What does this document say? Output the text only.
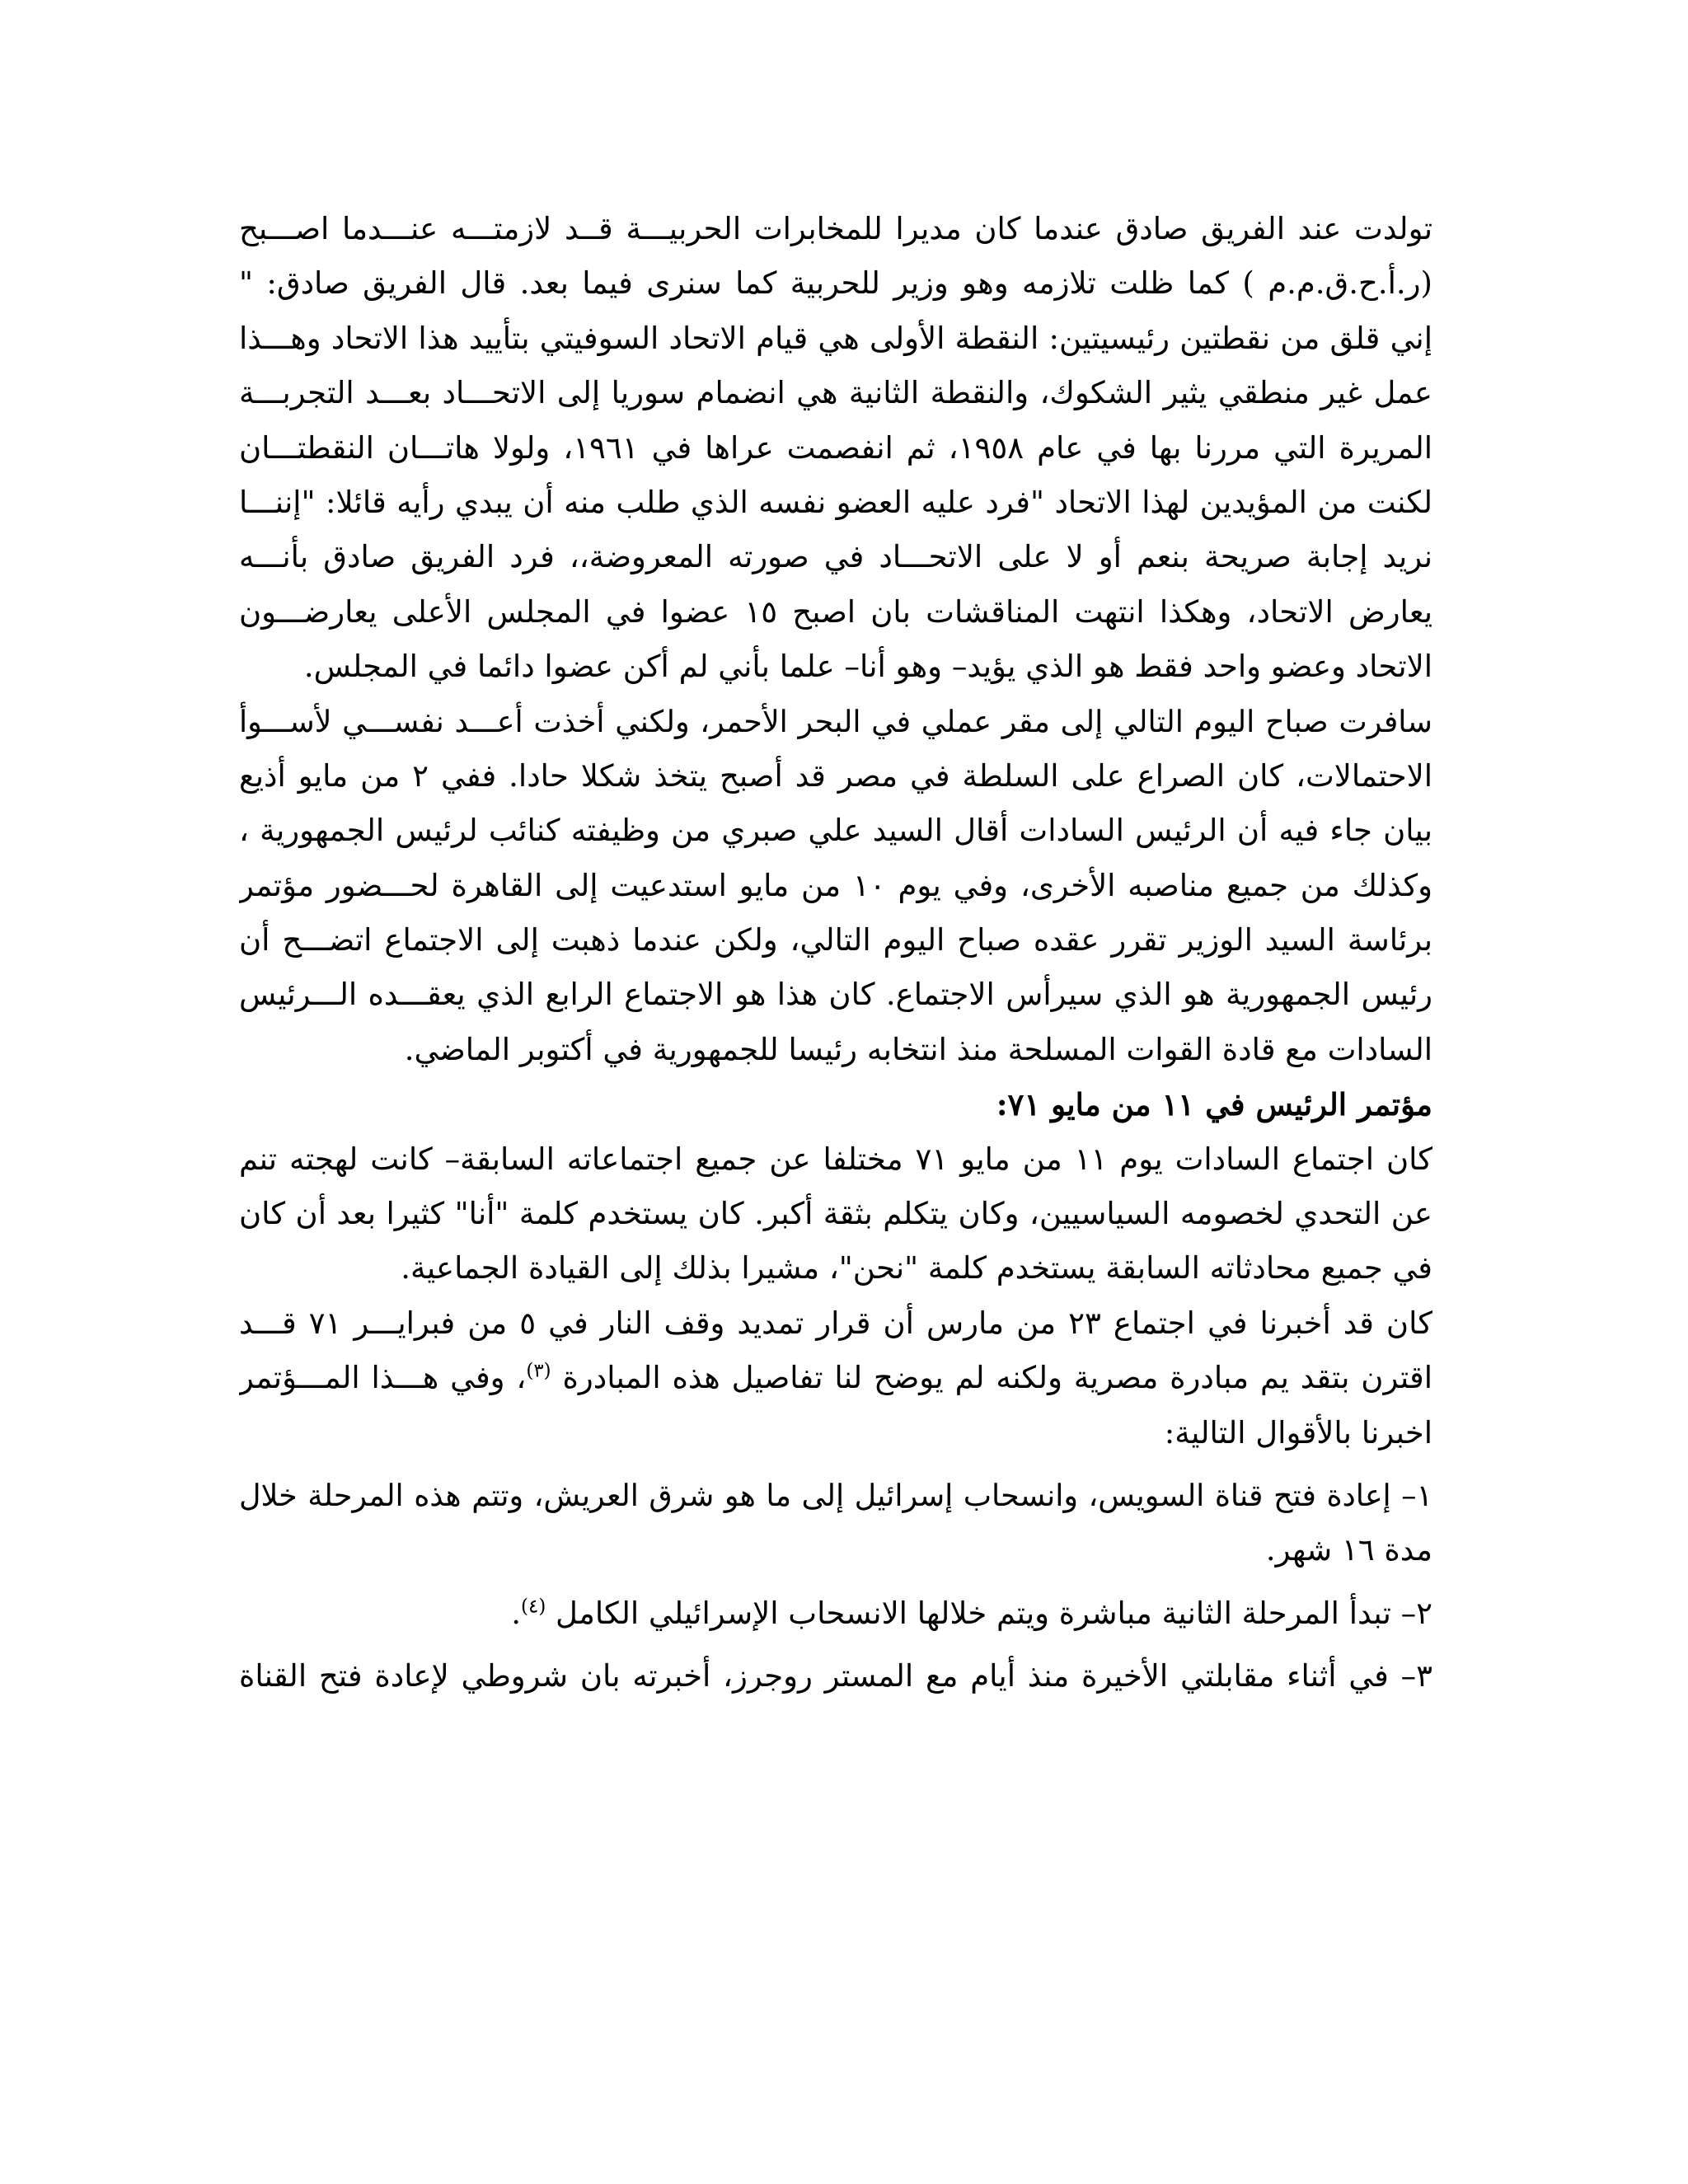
تولدت عند الفريق صادق عندما كان مديرا للمخابرات الحربيـــة قــد لازمتـــه عنـــدما اصـــبح
(ر.أ.ح.ق.م.م ) كما ظلت تلازمه وهو وزير للحربية كما سنرى فيما بعد. قال الفريق صادق: "
إني قلق من نقطتين رئيسيتين: النقطة الأولى هي قيام الاتحاد السوفيتي بتأييد هذا الاتحاد وهـــذا
عمل غير منطقي يثير الشكوك، والنقطة الثانية هي انضمام سوريا إلى الاتحـــاد بعـــد التجربـــة
المريرة التي مررنا بها في عام ١٩٥٨، ثم انفصمت عراها في ١٩٦١، ولولا هاتـــان النقطتـــان
لكنت من المؤيدين لهذا الاتحاد "فرد عليه العضو نفسه الذي طلب منه أن يبدي رأيه قائلا: "إننـــا
نريد إجابة صريحة بنعم أو لا على الاتحـــاد في صورته المعروضة،، فرد الفريق صادق بأنـــه
يعارض الاتحاد، وهكذا انتهت المناقشات بان اصبح ١٥ عضوا في المجلس الأعلى يعارضـــون
الاتحاد وعضو واحد فقط هو الذي يؤيد– وهو أنا– علما بأني لم أكن عضوا دائما في المجلس.
سافرت صباح اليوم التالي إلى مقر عملي في البحر الأحمر، ولكني أخذت أعـــد نفســـي لأســـوأ
الاحتمالات، كان الصراع على السلطة في مصر قد أصبح يتخذ شكلا حادا. ففي ٢ من مايو أذيع
بيان جاء فيه أن الرئيس السادات أقال السيد علي صبري من وظيفته كنائب لرئيس الجمهورية ،
وكذلك من جميع مناصبه الأخرى، وفي يوم ١٠ من مايو استدعيت إلى القاهرة لحـــضور مؤتمر
برئاسة السيد الوزير تقرر عقده صباح اليوم التالي، ولكن عندما ذهبت إلى الاجتماع اتضـــح أن
رئيس الجمهورية هو الذي سيرأس الاجتماع. كان هذا هو الاجتماع الرابع الذي يعقـــده الـــرئيس
السادات مع قادة القوات المسلحة منذ انتخابه رئيسا للجمهورية في أكتوبر الماضي.
مؤتمر الرئيس في ١١ من مايو ٧١:
كان اجتماع السادات يوم ١١ من مايو ٧١ مختلفا عن جميع اجتماعاته السابقة– كانت لهجته تنم
عن التحدي لخصومه السياسيين، وكان يتكلم بثقة أكبر. كان يستخدم كلمة "أنا" كثيرا بعد أن كان
في جميع محادثاته السابقة يستخدم كلمة "نحن"، مشيرا بذلك إلى القيادة الجماعية.
كان قد أخبرنا في اجتماع ٢٣ من مارس أن قرار تمديد وقف النار في ٥ من فبرايـــر ٧١ قـــد
اقترن بتقد يم مبادرة مصرية ولكنه لم يوضح لنا تفاصيل هذه المبادرة $^{(٣)}$، وفي هـــذا المـــؤتمر
اخبرنا بالأقوال التالية:
١– إعادة فتح قناة السويس، وانسحاب إسرائيل إلى ما هو شرق العريش، وتتم هذه المرحلة خلال
مدة ١٦ شهر.
٢– تبدأ المرحلة الثانية مباشرة ويتم خلالها الانسحاب الإسرائيلي الكامل $^{(٤)}$.
٣– في أثناء مقابلتي الأخيرة منذ أيام مع المستر روجرز، أخبرته بان شروطي لإعادة فتح القناة
